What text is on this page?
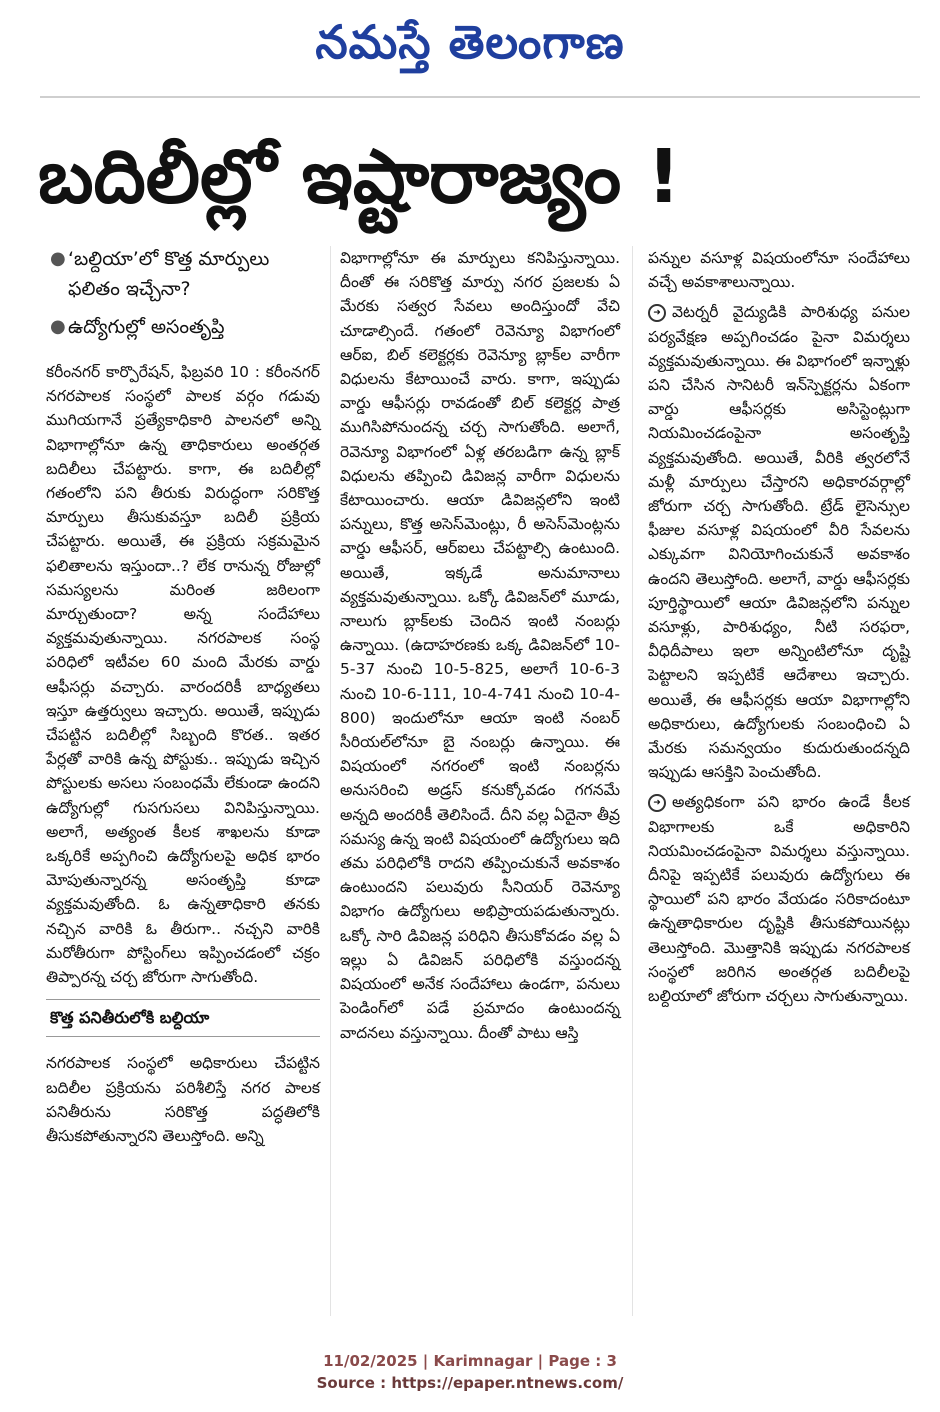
నమస్తే తెలంగాణ
బదిలీల్లో ఇష్టారాజ్యం !
● ‘బల్దియా’లో కొత్త మార్పులు ఫలితం ఇచ్చేనా?
● ఉద్యోగుల్లో అసంతృప్తి

కరీంనగర్ కార్పొరేషన్, ఫిబ్రవరి 10 : కరీంనగర్ నగరపాలక సంస్థలో పాలక వర్గం గడువు ముగియగానే ప్రత్యేకాధికారి పాలనలో అన్ని విభాగాల్లోనూ ఉన్న తాధికారులు అంతర్గత బదిలీలు చేపట్టారు. కాగా, ఈ బదిలీల్లో గతంలోని పని తీరుకు విరుద్ధంగా సరికొత్త మార్పులు తీసుకువస్తూ బదిలీ ప్రక్రియ చేపట్టారు. అయితే, ఈ ప్రక్రియ సక్రమమైన ఫలితాలను ఇస్తుందా..? లేక రానున్న రోజుల్లో సమస్యలను మరింత జఠిలంగా మార్చుతుందా? అన్న సందేహాలు వ్యక్తమవుతున్నాయి. నగరపాలక సంస్థ పరిధిలో ఇటీవల 60 మంది మేరకు వార్డు ఆఫీసర్లు వచ్చారు. వారందరికీ బాధ్యతలు ఇస్తూ ఉత్తర్వులు ఇచ్చారు. అయితే, ఇప్పుడు చేపట్టిన బదిలీల్లో సిబ్బంది కొరత.. ఇతర పేర్లతో వారికి ఉన్న పోస్టుకు.. ఇప్పుడు ఇచ్చిన పోస్టులకు అసలు సంబంధమే లేకుండా ఉందని ఉద్యోగుల్లో గుసగుసలు వినిపిస్తున్నాయి. అలాగే, అత్యంత కీలక శాఖలను కూడా ఒక్కరికే అప్పగించి ఉద్యోగులపై అధిక భారం మోపుతున్నారన్న అసంతృప్తి కూడా వ్యక్తమవుతోంది. ఓ ఉన్నతాధికారి తనకు నచ్చిన వారికి ఓ తీరుగా.. నచ్చని వారికి మరోతీరుగా పోస్టింగ్‌లు ఇప్పించడంలో చక్రం తిప్పారన్న చర్చ జోరుగా సాగుతోంది.

కొత్త పనితీరులోకి బల్దియా

నగరపాలక సంస్థలో అధికారులు చేపట్టిన బదిలీల ప్రక్రియను పరిశీలిస్తే నగర పాలక పనితీరును సరికొత్త పద్ధతిలోకి తీసుకపోతున్నారని తెలుస్తోంది. అన్ని

విభాగాల్లోనూ ఈ మార్పులు కనిపిస్తున్నాయి. దీంతో ఈ సరికొత్త మార్పు నగర ప్రజలకు ఏ మేరకు సత్వర సేవలు అందిస్తుందో వేచి చూడాల్సిందే. గతంలో రెవెన్యూ విభాగంలో ఆర్ఐ, బిల్ కలెక్టర్లకు రెవెన్యూ బ్లాక్‌ల వారీగా విధులను కేటాయించే వారు. కాగా, ఇప్పుడు వార్డు ఆఫీసర్లు రావడంతో బిల్ కలెక్టర్ల పాత్ర ముగిసిపోనుందన్న చర్చ సాగుతోంది. అలాగే, రెవెన్యూ విభాగంలో ఏళ్ల తరబడిగా ఉన్న బ్లాక్ విధులను తప్పించి డివిజన్ల వారీగా విధులను కేటాయించారు. ఆయా డివిజన్లలోని ఇంటి పన్నులు, కొత్త అసెస్‌మెంట్లు, రీ అసెస్‌మెంట్లను వార్డు ఆఫీసర్, ఆర్ఐలు చేపట్టాల్సి ఉంటుంది. అయితే, ఇక్కడే అనుమానాలు వ్యక్తమవుతున్నాయి. ఒక్కో డివిజన్‌లో మూడు, నాలుగు బ్లాక్‌లకు చెందిన ఇంటి నంబర్లు ఉన్నాయి. (ఉదాహరణకు ఒక్క డివిజన్‌లో 10-5-37 నుంచి 10-5-825, అలాగే 10-6-3 నుంచి 10-6-111, 10-4-741 నుంచి 10-4-800) ఇందులోనూ ఆయా ఇంటి నంబర్ సీరియల్‌లోనూ బై నంబర్లు ఉన్నాయి. ఈ విషయంలో నగరంలో ఇంటి నంబర్లను అనుసరించి అడ్రస్ కనుక్కోవడం గగనమే అన్నది అందరికీ తెలిసిందే. దీని వల్ల ఏదైనా తీవ్ర సమస్య ఉన్న ఇంటి విషయంలో ఉద్యోగులు ఇది తమ పరిధిలోకి రాదని తప్పించుకునే అవకాశం ఉంటుందని పలువురు సీనియర్ రెవెన్యూ విభాగం ఉద్యోగులు అభిప్రాయపడుతున్నారు. ఒక్కో సారి డివిజన్ల పరిధిని తీసుకోవడం వల్ల ఏ ఇల్లు ఏ డివిజన్ పరిధిలోకి వస్తుందన్న విషయంలో అనేక సందేహాలు ఉండగా, పనులు పెండింగ్‌లో పడే ప్రమాదం ఉంటుందన్న వాదనలు వస్తున్నాయి. దీంతో పాటు ఆస్తి

పన్నుల వసూళ్ల విషయంలోనూ సందేహాలు వచ్చే అవకాశాలున్నాయి.

➜ వెటర్నరీ వైద్యుడికి పారిశుధ్య పనుల పర్యవేక్షణ అప్పగించడం పైనా విమర్శలు వ్యక్తమవుతున్నాయి. ఈ విభాగంలో ఇన్నాళ్లు పని చేసిన సానిటరీ ఇన్‌స్పెక్టర్లను ఏకంగా వార్డు ఆఫీసర్లకు అసిస్టెంట్లుగా నియమించడంపైనా అసంతృప్తి వ్యక్తమవుతోంది. అయితే, వీరికి త్వరలోనే మళ్లీ మార్పులు చేస్తారని అధికారవర్గాల్లో జోరుగా చర్చ సాగుతోంది. ట్రేడ్ లైసెన్సుల ఫీజుల వసూళ్ల విషయంలో వీరి సేవలను ఎక్కువగా వినియోగించుకునే అవకాశం ఉందని తెలుస్తోంది. అలాగే, వార్డు ఆఫీసర్లకు పూర్తిస్థాయిలో ఆయా డివిజన్లలోని పన్నుల వసూళ్లు, పారిశుధ్యం, నీటి సరఫరా, వీధిదీపాలు ఇలా అన్నింటిలోనూ దృష్టి పెట్టాలని ఇప్పటికే ఆదేశాలు ఇచ్చారు. అయితే, ఈ ఆఫీసర్లకు ఆయా విభాగాల్లోని అధికారులు, ఉద్యోగులకు సంబంధించి ఏ మేరకు సమన్వయం కుదురుతుందన్నది ఇప్పుడు ఆసక్తిని పెంచుతోంది.

➜ అత్యధికంగా పని భారం ఉండే కీలక విభాగాలకు ఒకే అధికారిని నియమించడంపైనా విమర్శలు వస్తున్నాయి. దీనిపై ఇప్పటికే పలువురు ఉద్యోగులు ఈ స్థాయిలో పని భారం వేయడం సరికాదంటూ ఉన్నతాధికారుల దృష్టికి తీసుకపోయినట్లు తెలుస్తోంది. మొత్తానికి ఇప్పుడు నగరపాలక సంస్థలో జరిగిన అంతర్గత బదిలీలపై బల్దియాలో జోరుగా చర్చలు సాగుతున్నాయి.

11/02/2025 | Karimnagar | Page : 3
Source : https://epaper.ntnews.com/
